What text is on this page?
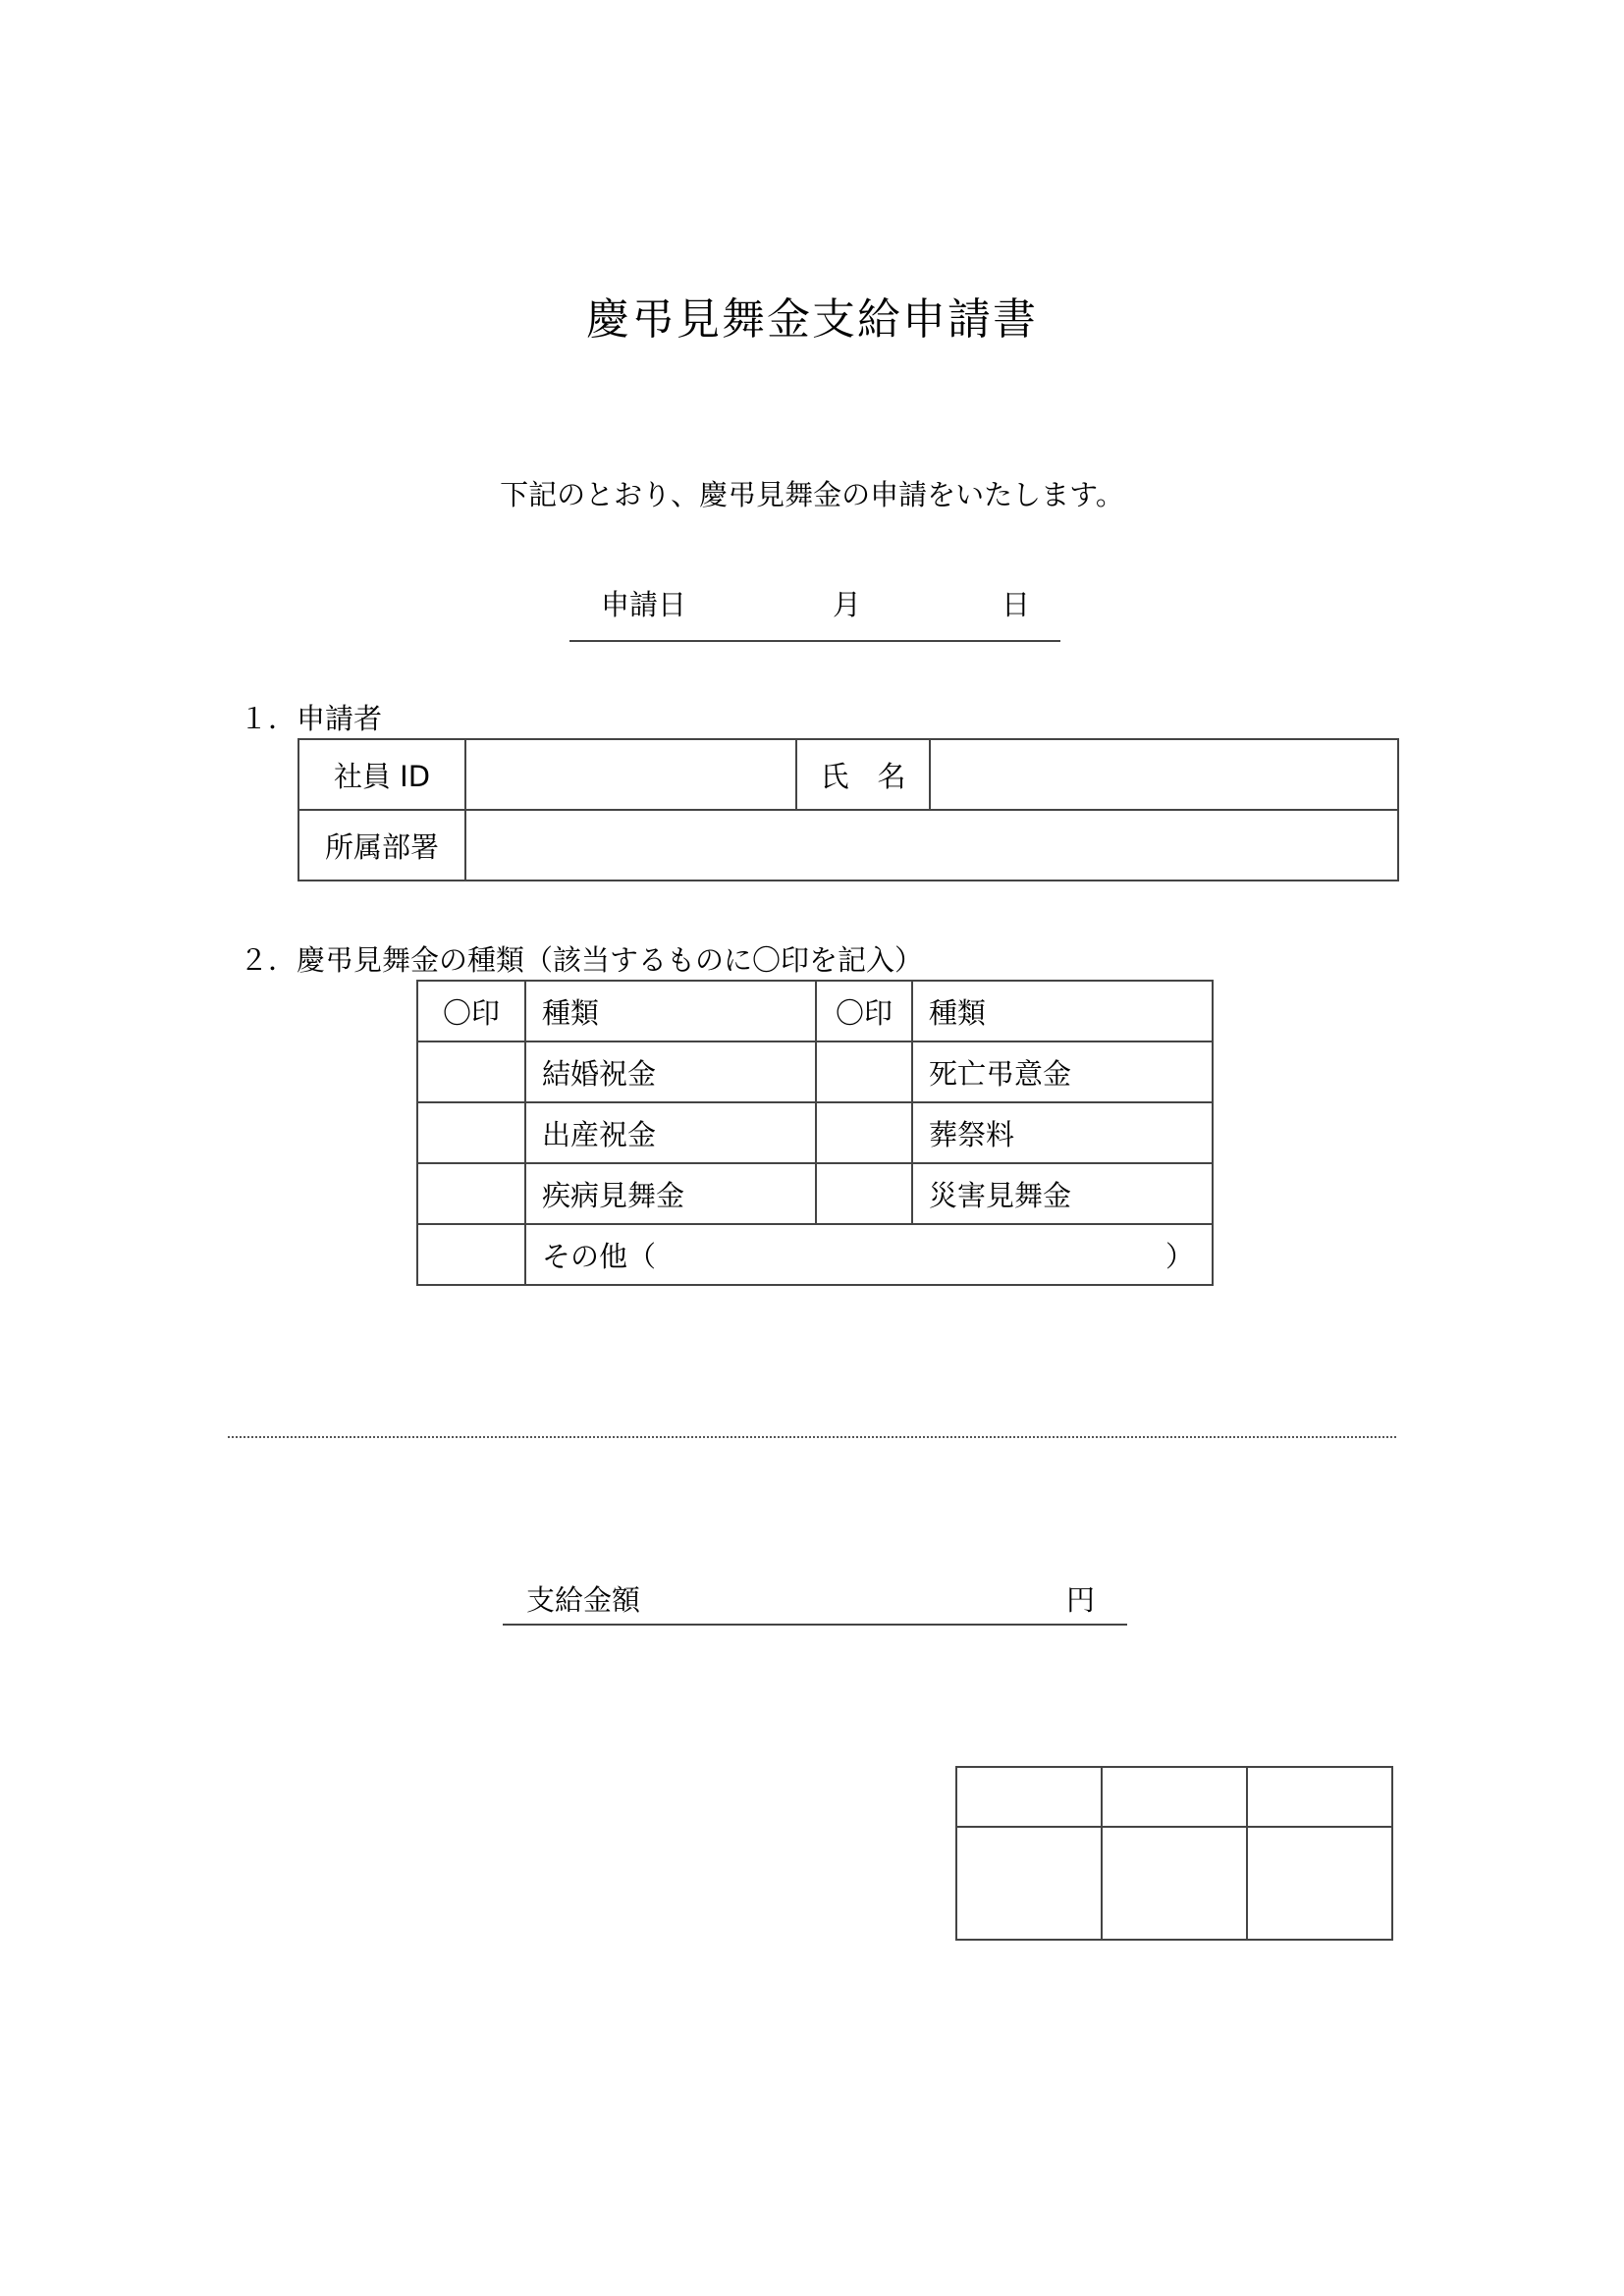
慶弔見舞金支給申請書
下記のとおり、慶弔見舞金の申請をいたします。
申請日	月	日
１．申請者
社員 ID		氏　名	
所属部署			
２．慶弔見舞金の種類（該当するものに〇印を記入）
〇印	種類	〇印	種類
	結婚祝金		死亡弔意金
	出産祝金		葬祭料
	疾病見舞金		災害見舞金

	その他（ ）		
支給金額	円
